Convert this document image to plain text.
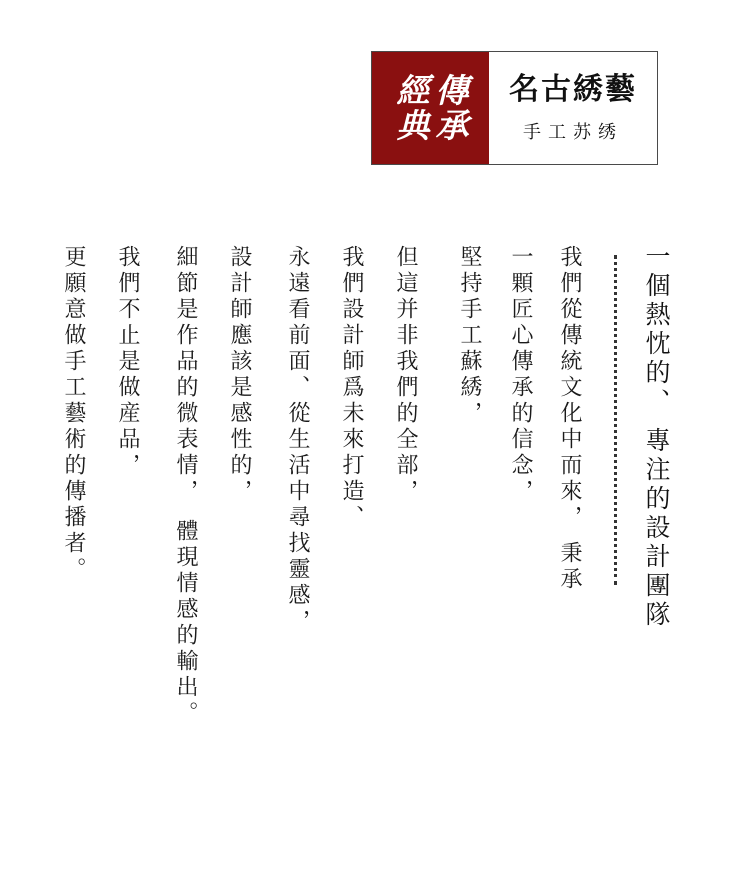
傳承
經典	名古綉藝
手工苏绣
一個熱忱的、專注的設計團隊
我們從傳統文化中而來，秉承
一顆匠心傳承的信念，
堅持手工蘇綉，
但這并非我們的全部，
我們設計師爲未來打造、
永遠看前面、從生活中尋找靈感，
設計師應該是感性的，
細節是作品的微表情，體現情感的輸出。
我們不止是做産品，
更願意做手工藝術的傳播者。
